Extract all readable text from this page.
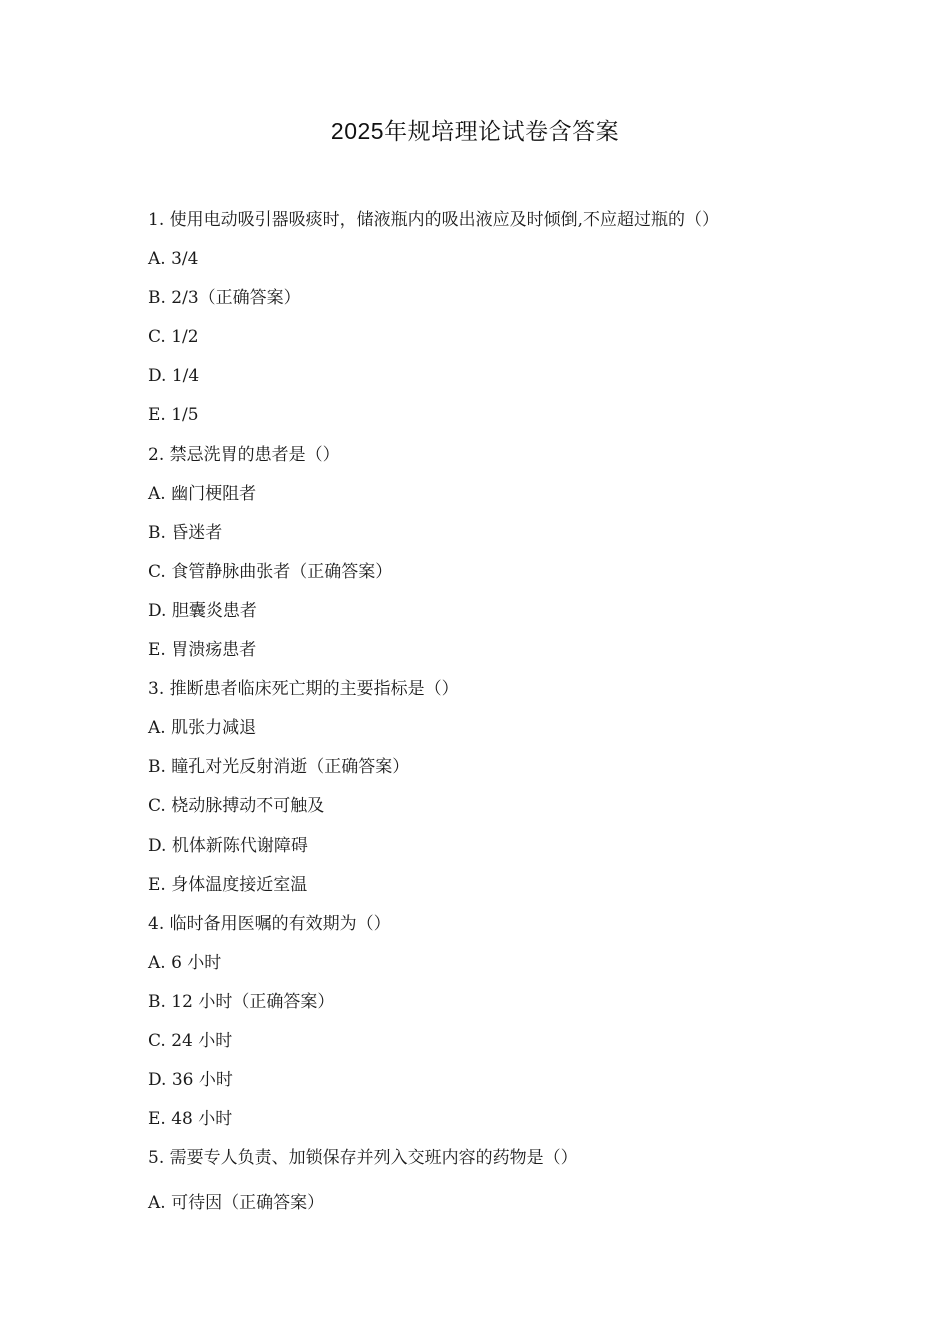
2025年规培理论试卷含答案
1. 使用电动吸引器吸痰时，储液瓶内的吸出液应及时倾倒,不应超过瓶的（）
A. 3/4
B. 2/3（正确答案）
C. 1/2
D. 1/4
E. 1/5
2. 禁忌洗胃的患者是（）
A. 幽门梗阻者
B. 昏迷者
C. 食管静脉曲张者（正确答案）
D. 胆囊炎患者
E. 胃溃疡患者
3. 推断患者临床死亡期的主要指标是（）
A. 肌张力减退
B. 瞳孔对光反射消逝（正确答案）
C. 桡动脉搏动不可触及
D. 机体新陈代谢障碍
E. 身体温度接近室温
4. 临时备用医嘱的有效期为（）
A. 6 小时
B. 12 小时（正确答案）
C. 24 小时
D. 36 小时
E. 48 小时
5. 需要专人负责、加锁保存并列入交班内容的药物是（）
A. 可待因（正确答案）
